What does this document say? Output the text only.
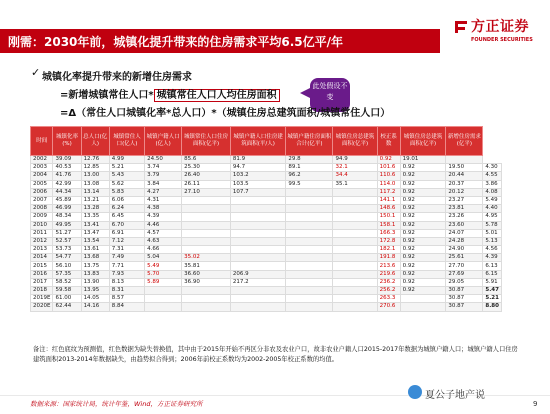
刚需：2030年前，城镇化提升带来的住房需求平均6.5亿平/年
方正证券
FOUNDER SECURITIES
✓ 城镇化率提升带来的新增住房需求
=新增城镇常住人口* 城镇常住人口人均住房面积
此处假设不变
=Δ（常住人口城镇化率*总人口）*（城镇住房总建筑面积/城镇常住人口）
时间	城镇化率(%)	总人口(亿人)	城镇常住人口(亿人)	城镇户籍人口(亿人)	城镇常住人口住房面积(亿平)	城镇户籍人口住房建筑面积(平/人)	城镇户籍住房面积合计(亿平)	城镇住房总建筑面积(亿平)	校正系数	城镇住房总建筑面积(亿平)	新增住房需求(亿平)	
2002	39.09	12.76	4.99	24.50	85.6	81.9	29.8	94.9	0.92	19.01		
2003	40.53	12.85	5.21	3.74	25.30	94.7	89.1	32.1	101.6	0.92	19.50	4.30
2004	41.76	13.00	5.43	3.79	26.40	103.2	96.2	34.4	110.6	0.92	20.44	4.55
2005	42.99	13.08	5.62	3.84	26.11	103.5	99.5	35.1	114.0	0.92	20.37	3.86
2006	44.34	13.14	5.83	4.27	27.10	107.7			117.2	0.92	20.12	4.08
2007	45.89	13.21	6.06	4.31					141.1	0.92	23.27	5.49
2008	46.99	13.28	6.24	4.38					148.6	0.92	23.81	4.40
2009	48.34	13.35	6.45	4.39					150.1	0.92	23.26	4.95
2010	49.95	13.41	6.70	4.46					158.1	0.92	23.60	5.78
2011	51.27	13.47	6.91	4.57					166.3	0.92	24.07	5.01
2012	52.57	13.54	7.12	4.63					172.8	0.92	24.28	5.13
2013	53.73	13.61	7.31	4.66					182.1	0.92	24.90	4.56
2014	54.77	13.68	7.49	5.04	35.02				191.8	0.92	25.61	4.39
2015	56.10	13.75	7.71	5.49	35.81				213.6	0.92	27.70	6.13
2016	57.35	13.83	7.93	5.70	36.60	206.9			219.6	0.92	27.69	6.15
2017	58.52	13.90	8.13	5.89	36.90	217.2			236.2	0.92	29.05	5.91
2018	59.58	13.95	8.31						256.2	0.92	30.87	5.47
2019E	61.00	14.05	8.57						263.3		30.87	5.21
2020E	62.44	14.16	8.84						270.6		30.87	8.80
备注：红色底纹为预测值，红色数据为缺失替换值，其中由于2015年开始不再区分非农及农业户口，故非农业户籍人口2015-2017年数据为城镇户籍人口；城镇户籍人口住房建筑面积2013-2014年数据缺失，由趋势拟合得到；2006年前校正系数均为2002-2005年校正系数的均值。
数据来源：国家统计局，统计年鉴，Wind，方正证券研究所
夏公子地产说
9
